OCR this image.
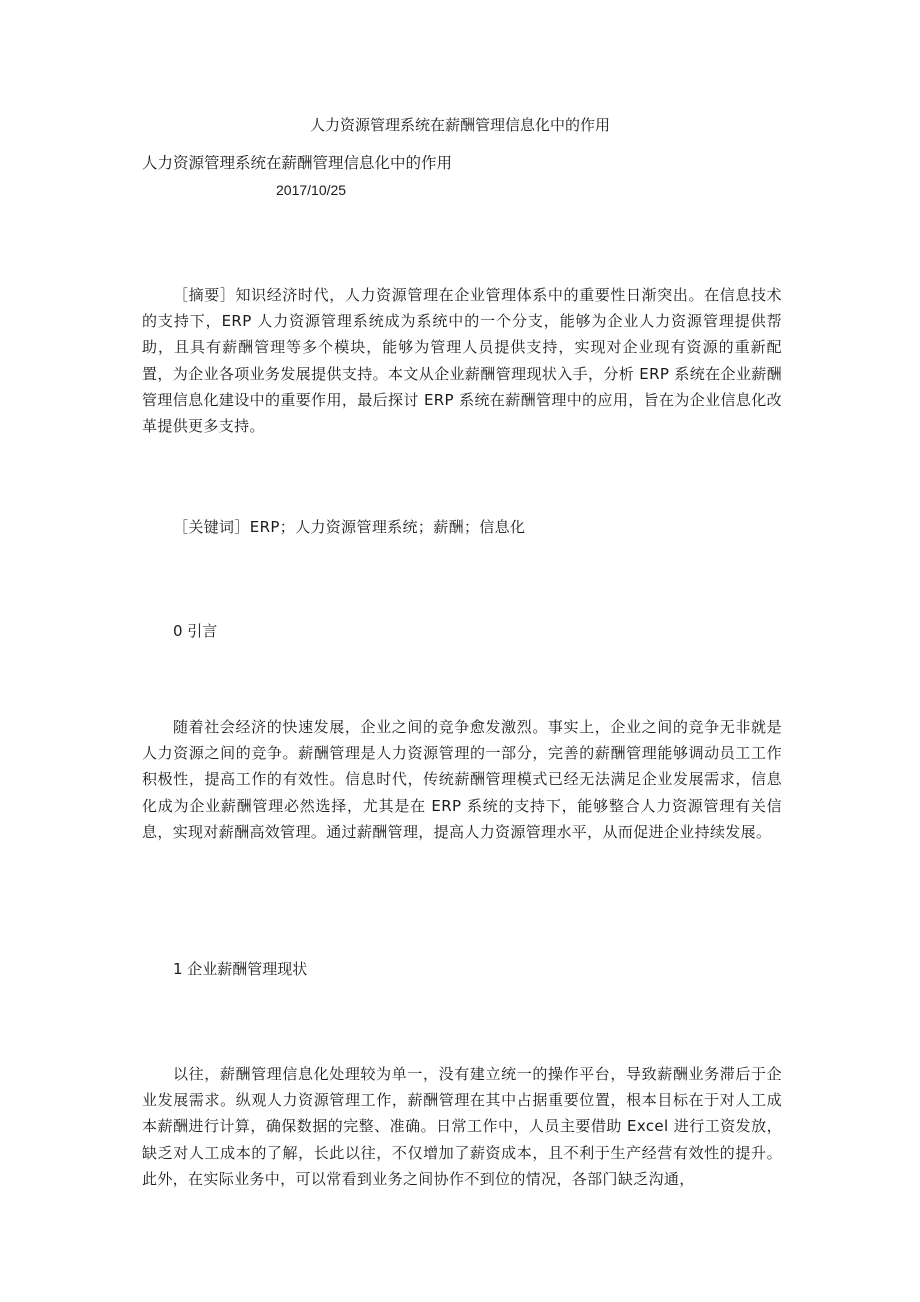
人力资源管理系统在薪酬管理信息化中的作用
人力资源管理系统在薪酬管理信息化中的作用
2017/10/25

［摘要］知识经济时代，人力资源管理在企业管理体系中的重要性日渐突出。在信息技术的支持下，ERP 人力资源管理系统成为系统中的一个分支，能够为企业人力资源管理提供帮助，且具有薪酬管理等多个模块，能够为管理人员提供支持，实现对企业现有资源的重新配置，为企业各项业务发展提供支持。本文从企业薪酬管理现状入手，分析 ERP 系统在企业薪酬管理信息化建设中的重要作用，最后探讨 ERP 系统在薪酬管理中的应用，旨在为企业信息化改革提供更多支持。

［关键词］ERP；人力资源管理系统；薪酬；信息化

0 引言

随着社会经济的快速发展，企业之间的竞争愈发激烈。事实上，企业之间的竞争无非就是人力资源之间的竞争。薪酬管理是人力资源管理的一部分，完善的薪酬管理能够调动员工工作积极性，提高工作的有效性。信息时代，传统薪酬管理模式已经无法满足企业发展需求，信息化成为企业薪酬管理必然选择，尤其是在 ERP 系统的支持下，能够整合人力资源管理有关信息，实现对薪酬高效管理。通过薪酬管理，提高人力资源管理水平，从而促进企业持续发展。

1 企业薪酬管理现状

以往，薪酬管理信息化处理较为单一，没有建立统一的操作平台，导致薪酬业务滞后于企业发展需求。纵观人力资源管理工作，薪酬管理在其中占据重要位置，根本目标在于对人工成本薪酬进行计算，确保数据的完整、准确。日常工作中，人员主要借助 Excel 进行工资发放，缺乏对人工成本的了解，长此以往，不仅增加了薪资成本，且不利于生产经营有效性的提升。此外，在实际业务中，可以常看到业务之间协作不到位的情况，各部门缺乏沟通，
